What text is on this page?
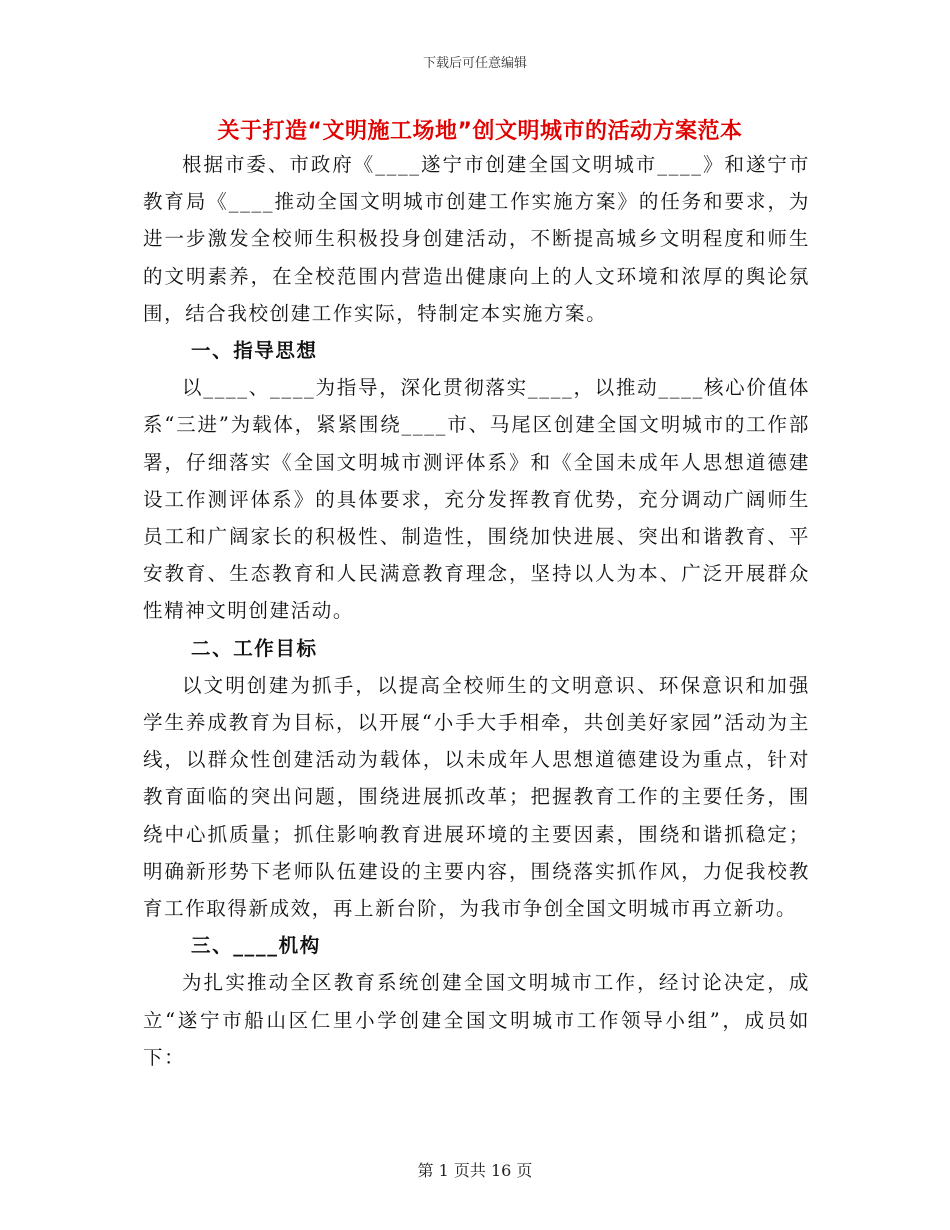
下载后可任意编辑
关于打造“文明施工场地”创文明城市的活动方案范本

根据市委、市政府《____遂宁市创建全国文明城市____》和遂宁市教育局《____推动全国文明城市创建工作实施方案》的任务和要求，为进一步激发全校师生积极投身创建活动，不断提高城乡文明程度和师生的文明素养，在全校范围内营造出健康向上的人文环境和浓厚的舆论氛围，结合我校创建工作实际，特制定本实施方案。

一、指导思想

以____、____为指导，深化贯彻落实____，以推动____核心价值体系“三进”为载体，紧紧围绕____市、马尾区创建全国文明城市的工作部署，仔细落实《全国文明城市测评体系》和《全国未成年人思想道德建设工作测评体系》的具体要求，充分发挥教育优势，充分调动广阔师生员工和广阔家长的积极性、制造性，围绕加快进展、突出和谐教育、平安教育、生态教育和人民满意教育理念，坚持以人为本、广泛开展群众性精神文明创建活动。

二、工作目标

以文明创建为抓手，以提高全校师生的文明意识、环保意识和加强学生养成教育为目标，以开展“小手大手相牵，共创美好家园”活动为主线，以群众性创建活动为载体，以未成年人思想道德建设为重点，针对教育面临的突出问题，围绕进展抓改革；把握教育工作的主要任务，围绕中心抓质量；抓住影响教育进展环境的主要因素，围绕和谐抓稳定；明确新形势下老师队伍建设的主要内容，围绕落实抓作风，力促我校教育工作取得新成效，再上新台阶，为我市争创全国文明城市再立新功。

三、____机构

为扎实推动全区教育系统创建全国文明城市工作，经讨论决定，成立“遂宁市船山区仁里小学创建全国文明城市工作领导小组”，成员如下：

第 1 页共 16 页
